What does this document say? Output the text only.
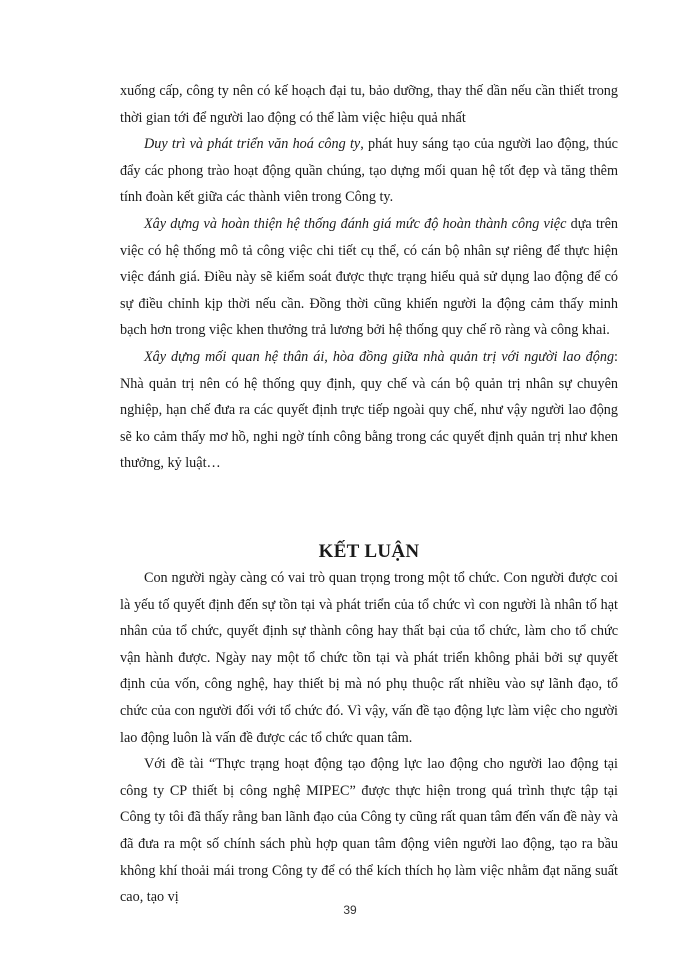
xuống cấp, công ty nên có kế hoạch đại tu, bảo dưỡng, thay thế dần nếu cần thiết trong thời gian tới để người lao động có thể làm việc hiệu quả nhất

Duy trì và phát triển văn hoá công ty, phát huy sáng tạo của người lao động, thúc đẩy các phong trào hoạt động quần chúng, tạo dựng mối quan hệ tốt đẹp và tăng thêm tính đoàn kết giữa các thành viên trong Công ty.

Xây dựng và hoàn thiện hệ thống đánh giá mức độ hoàn thành công việc dựa trên việc có hệ thống mô tả công việc chi tiết cụ thể, có cán bộ nhân sự riêng để thực hiện việc đánh giá. Điều này sẽ kiểm soát được thực trạng hiểu quả sử dụng lao động để có sự điều chỉnh kịp thời nếu cần. Đồng thời cũng khiến người la động cảm thấy minh bạch hơn trong việc khen thưởng trả lương bởi hệ thống quy chế rõ ràng và công khai.

Xây dựng mối quan hệ thân ái, hòa đồng giữa nhà quản trị với người lao động: Nhà quản trị nên có hệ thống quy định, quy chế và cán bộ quản trị nhân sự chuyên nghiệp, hạn chế đưa ra các quyết định trực tiếp ngoài quy chế, như vậy người lao động sẽ ko cảm thấy mơ hồ, nghi ngờ tính công bằng trong các quyết định quản trị như khen thưởng, kỷ luật…

KẾT LUẬN

Con người ngày càng có vai trò quan trọng trong một tổ chức. Con người được coi là yếu tố quyết định đến sự tồn tại và phát triển của tổ chức vì con người là nhân tố hạt nhân của tổ chức, quyết định sự thành công hay thất bại của tổ chức, làm cho tổ chức vận hành được. Ngày nay một tổ chức tồn tại và phát triển không phải bởi sự quyết định của vốn, công nghệ, hay thiết bị mà nó phụ thuộc rất nhiều vào sự lãnh đạo, tổ chức của con người đối với tổ chức đó. Vì vậy, vấn đề tạo động lực làm việc cho người lao động luôn là vấn đề được các tổ chức quan tâm.

Với đề tài “Thực trạng hoạt động tạo động lực lao động cho người lao động tại công ty CP thiết bị công nghệ MIPEC” được thực hiện trong quá trình thực tập tại Công ty tôi đã thấy rằng ban lãnh đạo của Công ty cũng rất quan tâm đến vấn đề này và đã đưa ra một số chính sách phù hợp quan tâm động viên người lao động, tạo ra bầu không khí thoải mái trong Công ty để có thể kích thích họ làm việc nhằm đạt năng suất cao, tạo vị

39
